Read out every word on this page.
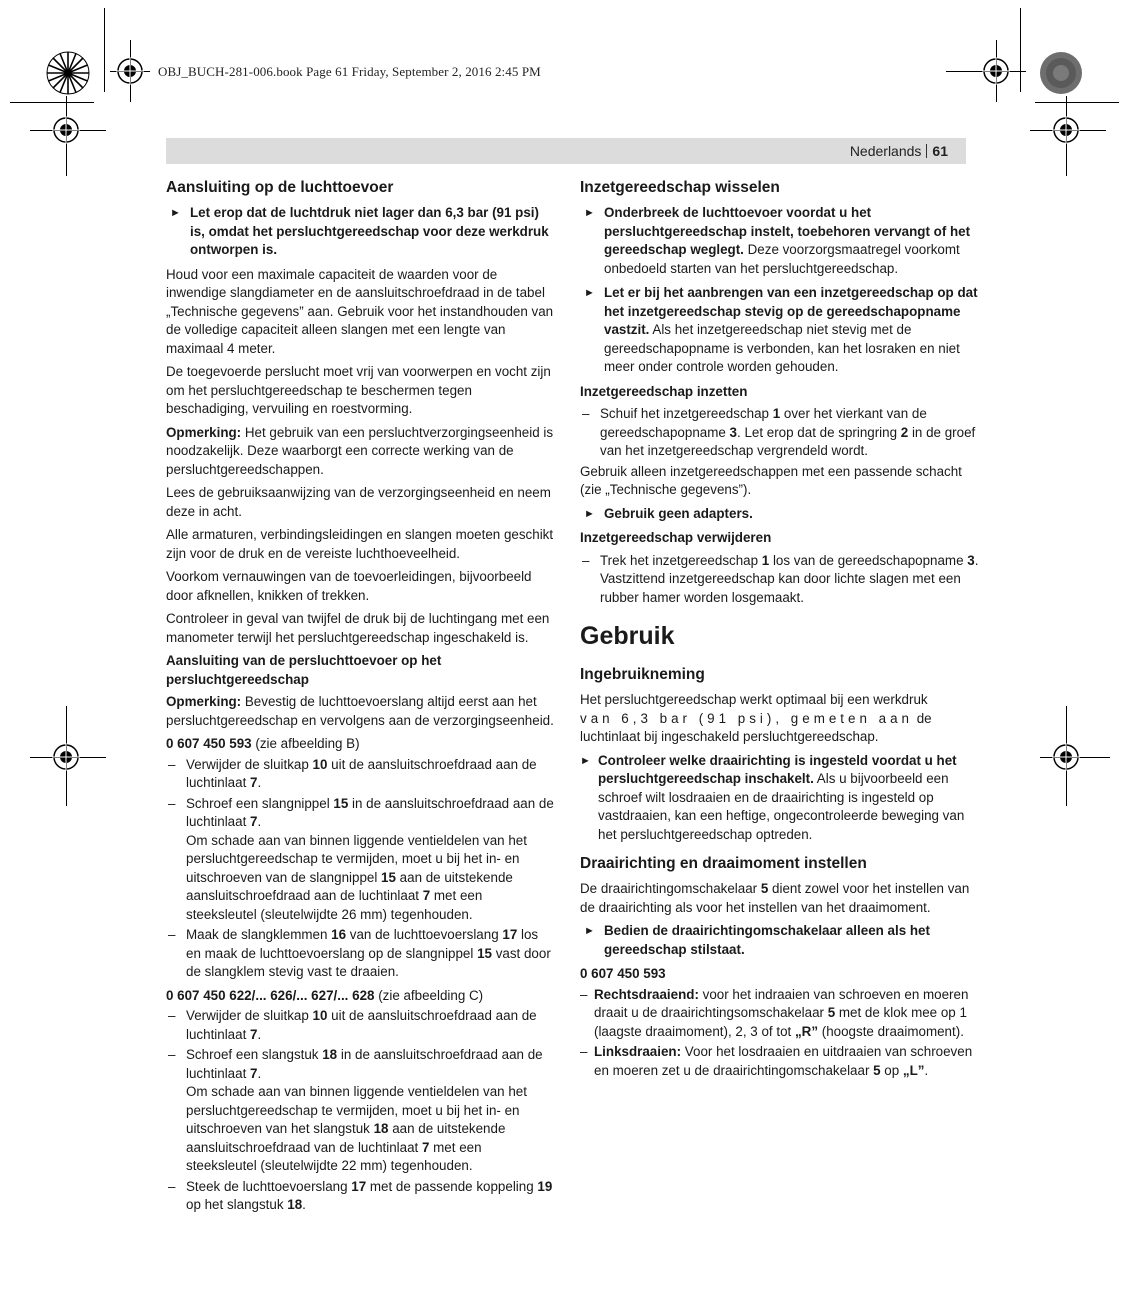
OBJ_BUCH-281-006.book Page 61 Friday, September 2, 2016 2:45 PM
Nederlands 61
Aansluiting op de luchttoevoer
► Let erop dat de luchtdruk niet lager dan 6,3 bar (91 psi) is, omdat het persluchtgereedschap voor deze werkdruk ontworpen is.
Houd voor een maximale capaciteit de waarden voor de inwendige slangdiameter en de aansluitschroefdraad in de tabel „Technische gegevens” aan. Gebruik voor het instandhouden van de volledige capaciteit alleen slangen met een lengte van maximaal 4 meter.
De toegevoerde perslucht moet vrij van voorwerpen en vocht zijn om het persluchtgereedschap te beschermen tegen beschadiging, vervuiling en roestvorming.
Opmerking: Het gebruik van een persluchtverzorgingseenheid is noodzakelijk. Deze waarborgt een correcte werking van de persluchtgereedschappen.
Lees de gebruiksaanwijzing van de verzorgingseenheid en neem deze in acht.
Alle armaturen, verbindingsleidingen en slangen moeten geschikt zijn voor de druk en de vereiste luchthoeveelheid.
Voorkom vernauwingen van de toevoerleidingen, bijvoorbeeld door afknellen, knikken of trekken.
Controleer in geval van twijfel de druk bij de luchtingang met een manometer terwijl het persluchtgereedschap ingeschakeld is.
Aansluiting van de persluchttoevoer op het persluchtgereedschap
Opmerking: Bevestig de luchttoevoerslang altijd eerst aan het persluchtgereedschap en vervolgens aan de verzorgingseenheid.
0 607 450 593 (zie afbeelding B)
– Verwijder de sluitkap 10 uit de aansluitschroefdraad aan de luchtinlaat 7.
– Schroef een slangnippel 15 in de aansluitschroefdraad aan de luchtinlaat 7.
Om schade aan van binnen liggende ventieldelen van het persluchtgereedschap te vermijden, moet u bij het in- en uitschroeven van de slangnippel 15 aan de uitstekende aansluitschroefdraad aan de luchtinlaat 7 met een steeksleutel (sleutelwijdte 26 mm) tegenhouden.
– Maak de slangklemmen 16 van de luchttoevoerslang 17 los en maak de luchttoevoerslang op de slangnippel 15 vast door de slangklem stevig vast te draaien.
0 607 450 622/... 626/... 627/... 628 (zie afbeelding C)
– Verwijder de sluitkap 10 uit de aansluitschroefdraad aan de luchtinlaat 7.
– Schroef een slangstuk 18 in de aansluitschroefdraad aan de luchtinlaat 7.
Om schade aan van binnen liggende ventieldelen van het persluchtgereedschap te vermijden, moet u bij het in- en uitschroeven van het slangstuk 18 aan de uitstekende aansluitschroefdraad van de luchtinlaat 7 met een steeksleutel (sleutelwijdte 22 mm) tegenhouden.
– Steek de luchttoevoerslang 17 met de passende koppeling 19 op het slangstuk 18.
Inzetgereedschap wisselen
► Onderbreek de luchttoevoer voordat u het persluchtgereedschap instelt, toebehoren vervangt of het gereedschap weglegt. Deze voorzorgsmaatregel voorkomt onbedoeld starten van het persluchtgereedschap.
► Let er bij het aanbrengen van een inzetgereedschap op dat het inzetgereedschap stevig op de gereedschapopname vastzit. Als het inzetgereedschap niet stevig met de gereedschapopname is verbonden, kan het losraken en niet meer onder controle worden gehouden.
Inzetgereedschap inzetten
– Schuif het inzetgereedschap 1 over het vierkant van de gereedschapopname 3. Let erop dat de springring 2 in de groef van het inzetgereedschap vergrendeld wordt.
Gebruik alleen inzetgereedschappen met een passende schacht (zie „Technische gegevens”).
► Gebruik geen adapters.
Inzetgereedschap verwijderen
– Trek het inzetgereedschap 1 los van de gereedschapopname 3. Vastzittend inzetgereedschap kan door lichte slagen met een rubber hamer worden losgemaakt.
Gebruik
Ingebruikneming
Het persluchtgereedschap werkt optimaal bij een werkdruk
van 6,3 bar (91 psi), gemeten aan de luchtinlaat bij ingeschakeld persluchtgereedschap.
► Controleer welke draairichting is ingesteld voordat u het persluchtgereedschap inschakelt. Als u bijvoorbeeld een schroef wilt losdraaien en de draairichting is ingesteld op vastdraaien, kan een heftige, ongecontroleerde beweging van het persluchtgereedschap optreden.
Draairichting en draaimoment instellen
De draairichtingomschakelaar 5 dient zowel voor het instellen van de draairichting als voor het instellen van het draaimoment.
► Bedien de draairichtingomschakelaar alleen als het gereedschap stilstaat.
0 607 450 593
– Rechtsdraaiend: voor het indraaien van schroeven en moeren draait u de draairichtingsomschakelaar 5 met de klok mee op 1 (laagste draaimoment), 2, 3 of tot „R” (hoogste draaimoment).
– Linksdraaien: Voor het losdraaien en uitdraaien van schroeven en moeren zet u de draairichtingomschakelaar 5 op „L”.
